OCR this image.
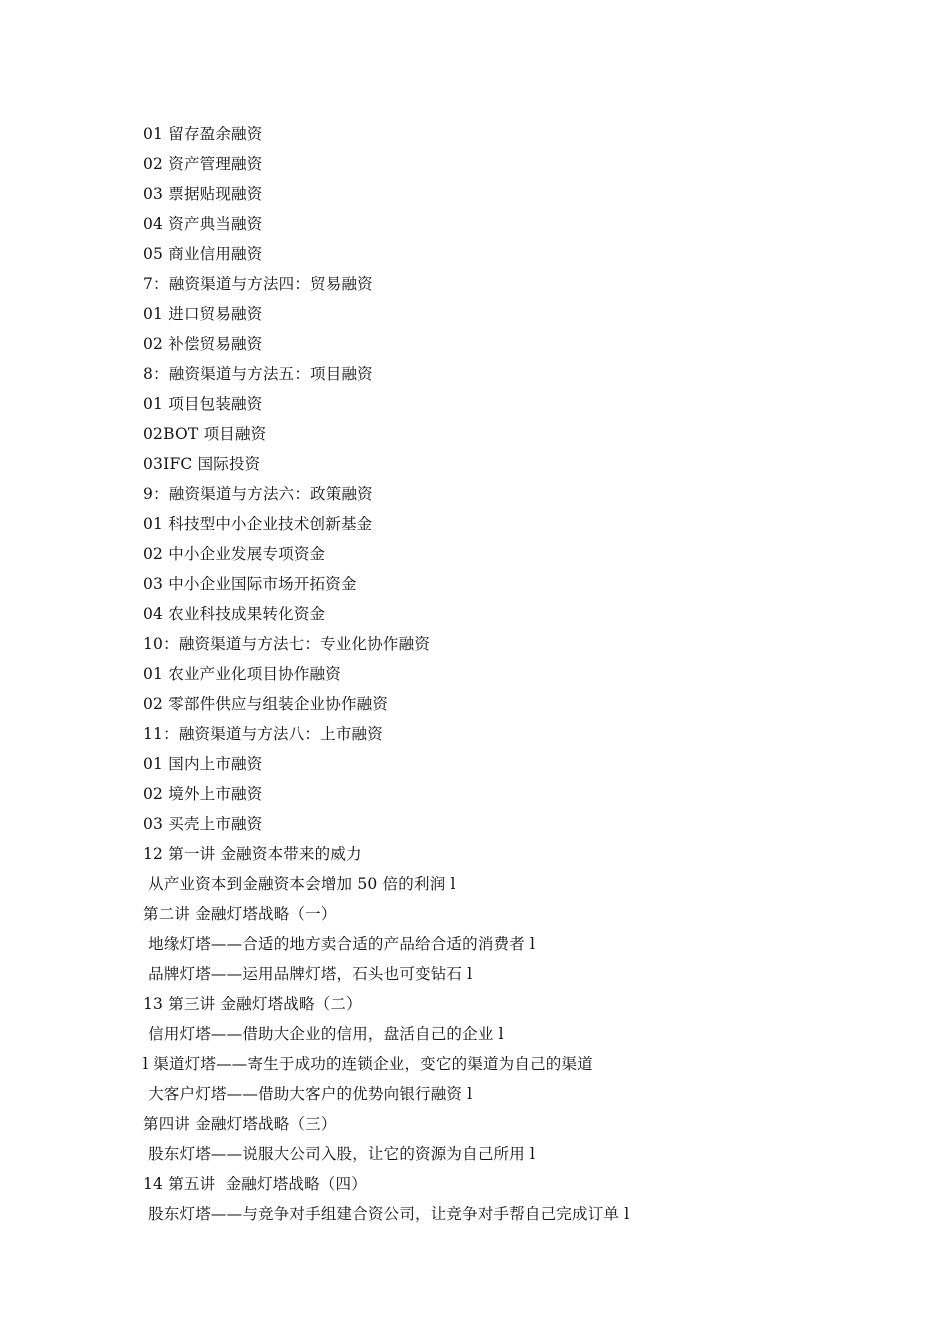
01 留存盈余融资
02 资产管理融资
03 票据贴现融资
04 资产典当融资
05 商业信用融资
7：融资渠道与方法四：贸易融资
01 进口贸易融资
02 补偿贸易融资
8：融资渠道与方法五：项目融资
01 项目包装融资
02BOT 项目融资
03IFC 国际投资
9：融资渠道与方法六：政策融资
01 科技型中小企业技术创新基金
02 中小企业发展专项资金
03 中小企业国际市场开拓资金
04 农业科技成果转化资金
10：融资渠道与方法七：专业化协作融资
01 农业产业化项目协作融资
02 零部件供应与组装企业协作融资
11：融资渠道与方法八：上市融资
01 国内上市融资
02 境外上市融资
03 买壳上市融资
12 第一讲 金融资本带来的威力
从产业资本到金融资本会增加 50 倍的利润 l
第二讲 金融灯塔战略（一）
地缘灯塔——合适的地方卖合适的产品给合适的消费者 l
品牌灯塔——运用品牌灯塔，石头也可变钻石 l
13 第三讲 金融灯塔战略（二）
信用灯塔——借助大企业的信用，盘活自己的企业 l
l 渠道灯塔——寄生于成功的连锁企业，变它的渠道为自己的渠道
大客户灯塔——借助大客户的优势向银行融资 l
第四讲 金融灯塔战略（三）
股东灯塔——说服大公司入股，让它的资源为自己所用 l
14 第五讲  金融灯塔战略（四）
股东灯塔——与竞争对手组建合资公司，让竞争对手帮自己完成订单 l
